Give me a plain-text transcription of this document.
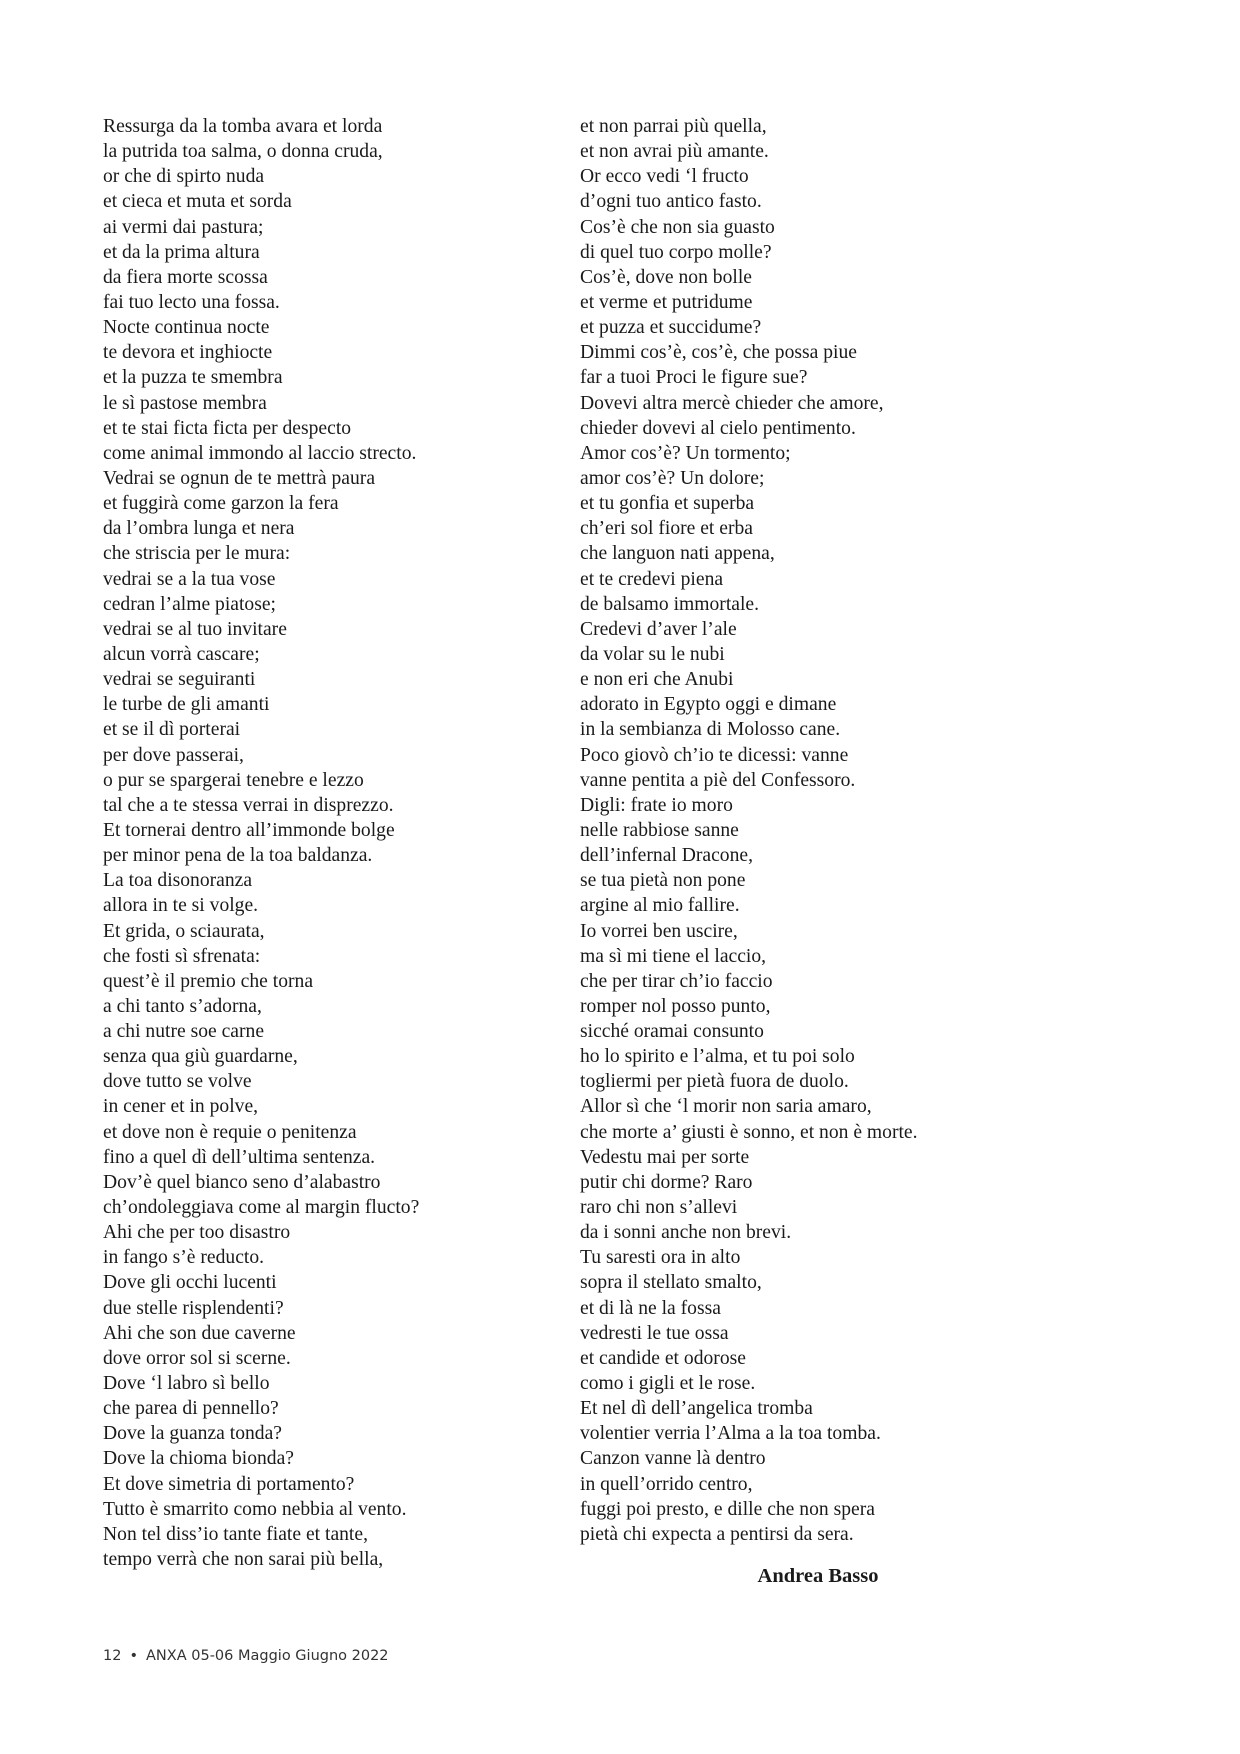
Ressurga da la tomba avara et lorda
la putrida toa salma, o donna cruda,
or che di spirto nuda
et cieca et muta et sorda
ai vermi dai pastura;
et da la prima altura
da fiera morte scossa
fai tuo lecto una fossa.
Nocte continua nocte
te devora et inghiocte
et la puzza te smembra
le sì pastose membra
et te stai ficta ficta per despecto
come animal immondo al laccio strecto.
Vedrai se ognun de te mettrà paura
et fuggirà come garzon la fera
da l’ombra lunga et nera
che striscia per le mura:
vedrai se a la tua vose
cedran l’alme piatose;
vedrai se al tuo invitare
alcun vorrà cascare;
vedrai se seguiranti
le turbe de gli amanti
et se il dì porterai
per dove passerai,
o pur se spargerai tenebre e lezzo
tal che a te stessa verrai in disprezzo.
Et tornerai dentro all’immonde bolge
per minor pena de la toa baldanza.
La toa disonoranza
allora in te si volge.
Et grida, o sciaurata,
che fosti sì sfrenata:
quest’è il premio che torna
a chi tanto s’adorna,
a chi nutre soe carne
senza qua giù guardarne,
dove tutto se volve
in cener et in polve,
et dove non è requie o penitenza
fino a quel dì dell’ultima sentenza.
Dov’è quel bianco seno d’alabastro
ch’ondoleggiava come al margin flucto?
Ahi che per too disastro
in fango s’è reducto.
Dove gli occhi lucenti
due stelle risplendenti?
Ahi che son due caverne
dove orror sol si scerne.
Dove ‘l labro sì bello
che parea di pennello?
Dove la guanza tonda?
Dove la chioma bionda?
Et dove simetria di portamento?
Tutto è smarrito como nebbia al vento.
Non tel diss’io tante fiate et tante,
tempo verrà che non sarai più bella,
et non parrai più quella,
et non avrai più amante.
Or ecco vedi ‘l fructo
d’ogni tuo antico fasto.
Cos’è che non sia guasto
di quel tuo corpo molle?
Cos’è, dove non bolle
et verme et putridume
et puzza et succidume?
Dimmi cos’è, cos’è, che possa piue
far a tuoi Proci le figure sue?
Dovevi altra mercè chieder che amore,
chieder dovevi al cielo pentimento.
Amor cos’è? Un tormento;
amor cos’è? Un dolore;
et tu gonfia et superba
ch’eri sol fiore et erba
che languon nati appena,
et te credevi piena
de balsamo immortale.
Credevi d’aver l’ale
da volar su le nubi
e non eri che Anubi
adorato in Egypto oggi e dimane
in la sembianza di Molosso cane.
Poco giovò ch’io te dicessi: vanne
vanne pentita a piè del Confessoro.
Digli: frate io moro
nelle rabbiose sanne
dell’infernal Dracone,
se tua pietà non pone
argine al mio fallire.
Io vorrei ben uscire,
ma sì mi tiene el laccio,
che per tirar ch’io faccio
romper nol posso punto,
sicché oramai consunto
ho lo spirito e l’alma, et tu poi solo
togliermi per pietà fuora de duolo.
Allor sì che ‘l morir non saria amaro,
che morte a’ giusti è sonno, et non è morte.
Vedestu mai per sorte
putir chi dorme? Raro
raro chi non s’allevi
da i sonni anche non brevi.
Tu saresti ora in alto
sopra il stellato smalto,
et di là ne la fossa
vedresti le tue ossa
et candide et odorose
como i gigli et le rose.
Et nel dì dell’angelica tromba
volentier verria l’Alma a la toa tomba.
Canzon vanne là dentro
in quell’orrido centro,
fuggi poi presto, e dille che non spera
pietà chi expecta a pentirsi da sera.
Andrea Basso
12 • ANXA 05-06 Maggio Giugno 2022
